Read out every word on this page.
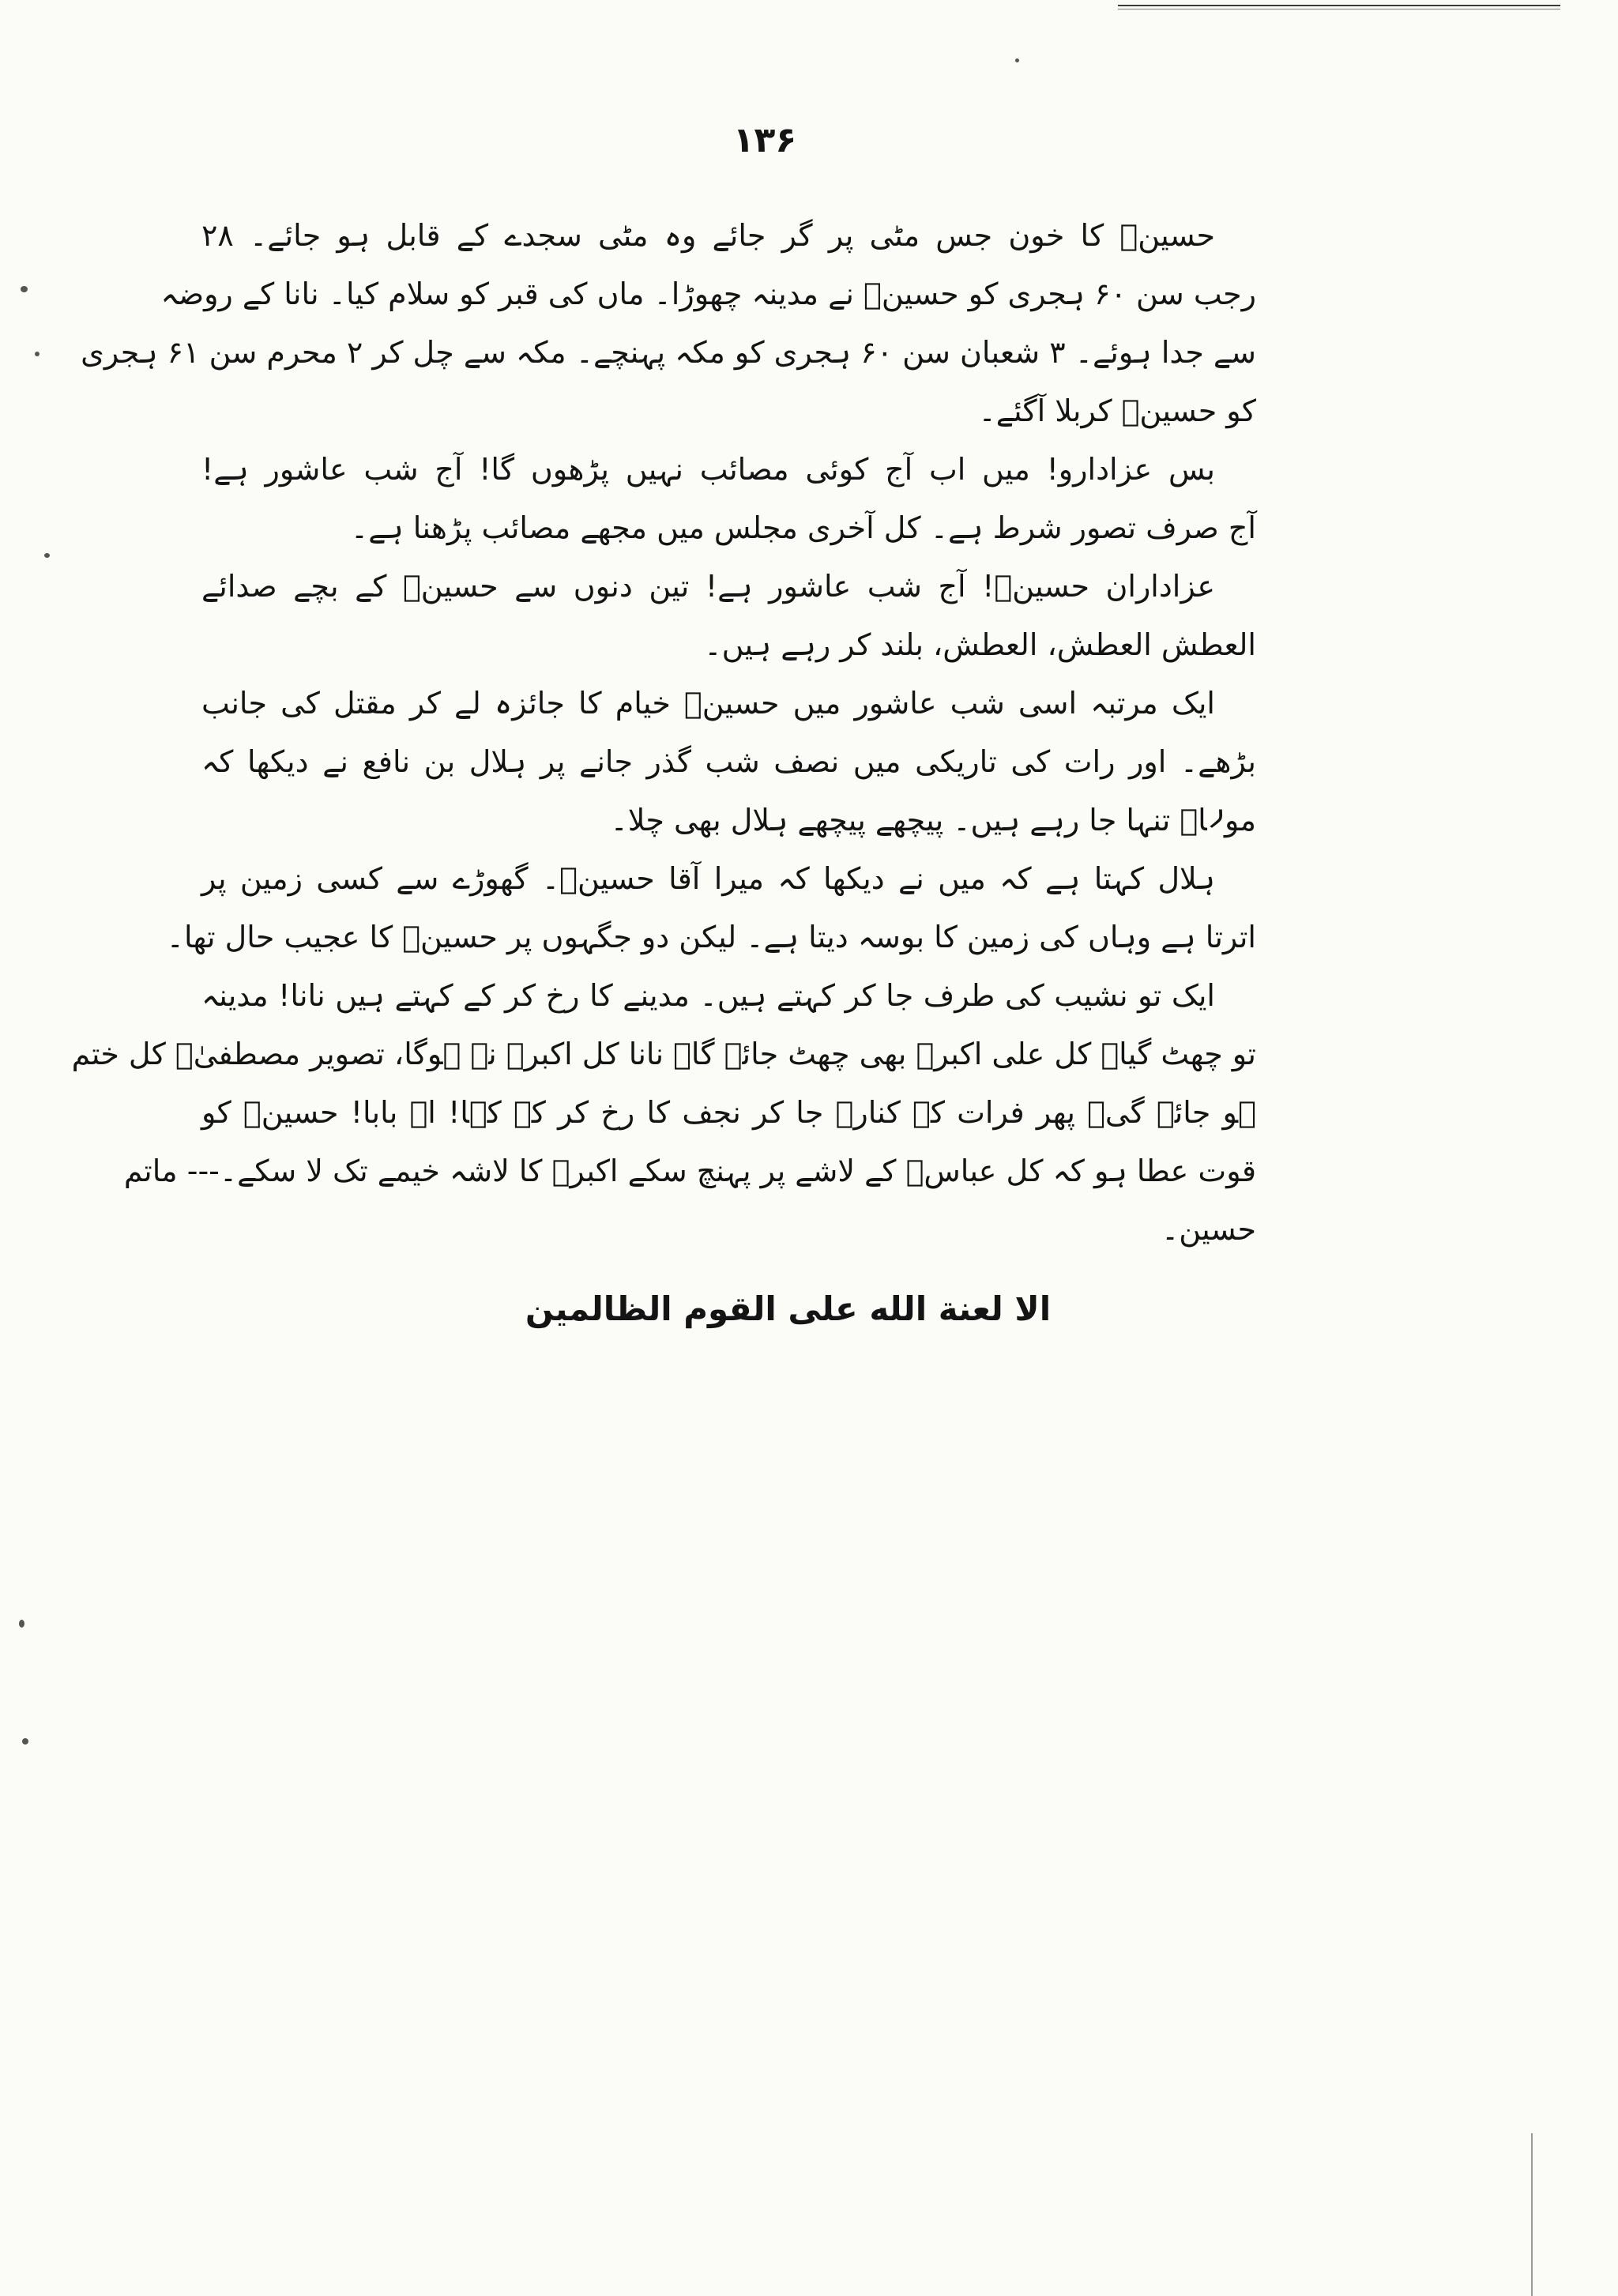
۱۳۶
حسینؑ کا خون جس مٹی پر گر جائے وہ مٹی سجدے کے قابل ہو جائے۔ ۲۸
رجب سن ۶۰ ہجری کو حسینؑ نے مدینہ چھوڑا۔ ماں کی قبر کو سلام کیا۔ نانا کے روضہ
سے جدا ہوئے۔ ۳ شعبان سن ۶۰ ہجری کو مکہ پہنچے۔ مکہ سے چل کر ۲ محرم سن ۶۱ ہجری
کو حسینؑ کربلا آگئے۔
بس عزادارو! میں اب آج کوئی مصائب نہیں پڑھوں گا! آج شب عاشور ہے!
آج صرف تصور شرط ہے۔ کل آخری مجلس میں مجھے مصائب پڑھنا ہے۔
عزاداران حسینؑ! آج شب عاشور ہے! تین دنوں سے حسینؑ کے بچے صدائے
العطش العطش، العطش، بلند کر رہے ہیں۔
ایک مرتبہ اسی شب عاشور میں حسینؑ خیام کا جائزہ لے کر مقتل کی جانب
بڑھے۔ اور رات کی تاریکی میں نصف شب گذر جانے پر ہلال بن نافع نے دیکھا کہ
مولاؑ تنہا جا رہے ہیں۔ پیچھے پیچھے ہلال بھی چلا۔
ہلال کہتا ہے کہ میں نے دیکھا کہ میرا آقا حسینؑ۔ گھوڑے سے کسی زمین پر
اترتا ہے وہاں کی زمین کا بوسہ دیتا ہے۔ لیکن دو جگہوں پر حسینؑ کا عجیب حال تھا۔
ایک تو نشیب کی طرف جا کر کہتے ہیں۔ مدینے کا رخ کر کے کہتے ہیں نانا! مدینہ
تو چھٹ گیا۔ کل علی اکبرؑ بھی چھٹ جائے گا۔ نانا کل اکبرؑ نہ ہوگا، تصویر مصطفیٰؐ کل ختم
ہو جائے گی۔ پھر فرات کے کنارے جا کر نجف کا رخ کر کے کہا! اے بابا! حسینؑ کو
قوت عطا ہو کہ کل عباسؑ کے لاشے پر پہنچ سکے اکبرؑ کا لاشہ خیمے تک لا سکے۔--- ماتم
حسین۔
الا لعنة الله علی القوم الظالمین
